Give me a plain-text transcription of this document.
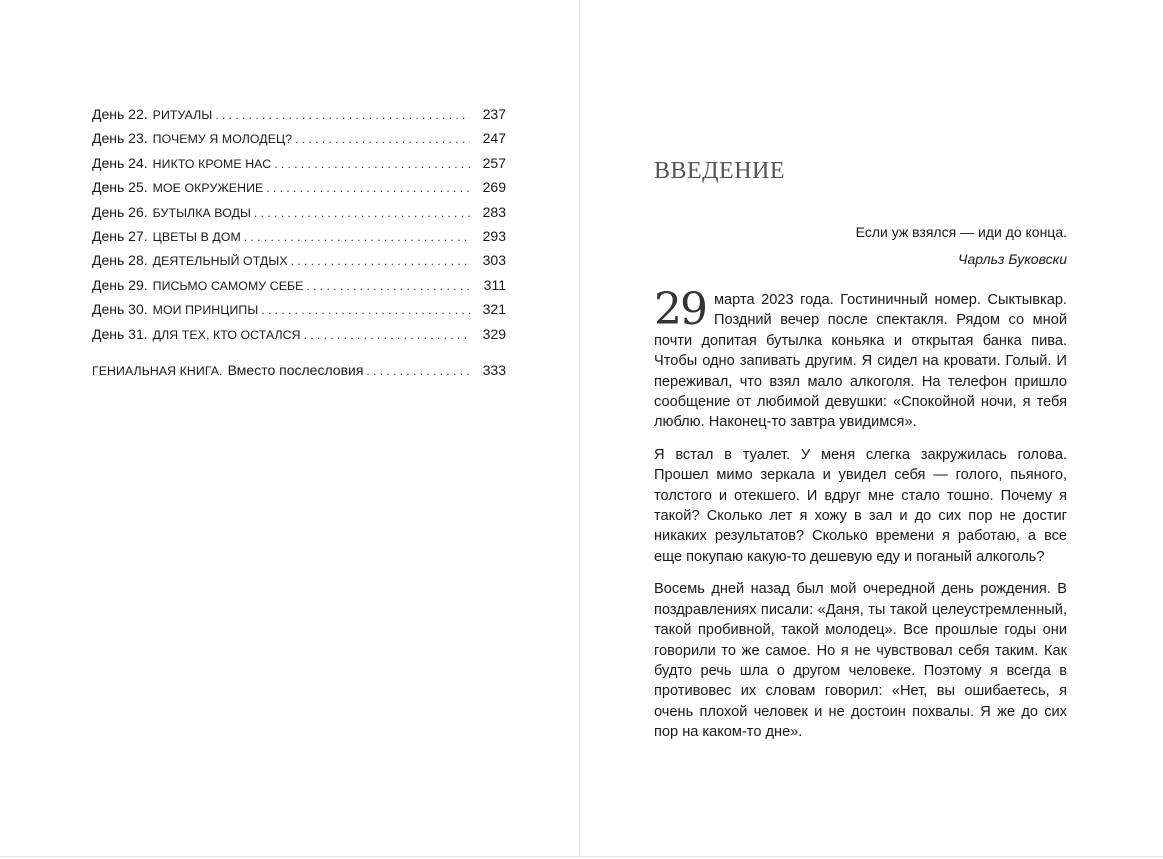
День 22. РИТУАЛЫ . . .	237
День 23. ПОЧЕМУ Я МОЛОДЕЦ? . . .	247
День 24. НИКТО КРОМЕ НАС . . .	257
День 25. МОЕ ОКРУЖЕНИЕ . . .	269
День 26. БУТЫЛКА ВОДЫ . . .	283
День 27. ЦВЕТЫ В ДОМ . . .	293
День 28. ДЕЯТЕЛЬНЫЙ ОТДЫХ . . .	303
День 29. ПИСЬМО САМОМУ СЕБЕ . . .	311
День 30. МОИ ПРИНЦИПЫ . . .	321
День 31. ДЛЯ ТЕХ, КТО ОСТАЛСЯ . . .	329
ГЕНИАЛЬНАЯ КНИГА. Вместо послесловия . . .	333
ВВЕДЕНИЕ
Если уж взялся — иди до конца.
Чарльз Буковски

29 марта 2023 года. Гостиничный номер. Сыктывкар. Поздний вечер после спектакля. Рядом со мной почти допитая бутылка коньяка и открытая банка пива. Чтобы одно запивать другим. Я сидел на кровати. Голый. И переживал, что взял мало алкоголя. На телефон пришло сообщение от любимой девушки: «Спокойной ночи, я тебя люблю. Наконец-то завтра увидимся».

Я встал в туалет. У меня слегка закружилась голова. Прошел мимо зеркала и увидел себя — голого, пьяного, толстого и отекшего. И вдруг мне стало тошно. Почему я такой? Сколько лет я хожу в зал и до сих пор не достиг никаких результатов? Сколько времени я работаю, а все еще покупаю какую-то дешевую еду и поганый алкоголь?

Восемь дней назад был мой очередной день рождения. В поздравлениях писали: «Даня, ты такой целеустремленный, такой пробивной, такой молодец». Все прошлые годы они говорили то же самое. Но я не чувствовал себя таким. Как будто речь шла о другом человеке. Поэтому я всегда в противовес их словам говорил: «Нет, вы ошибаетесь, я очень плохой человек и не достоин похвалы. Я же до сих пор на каком-то дне».
